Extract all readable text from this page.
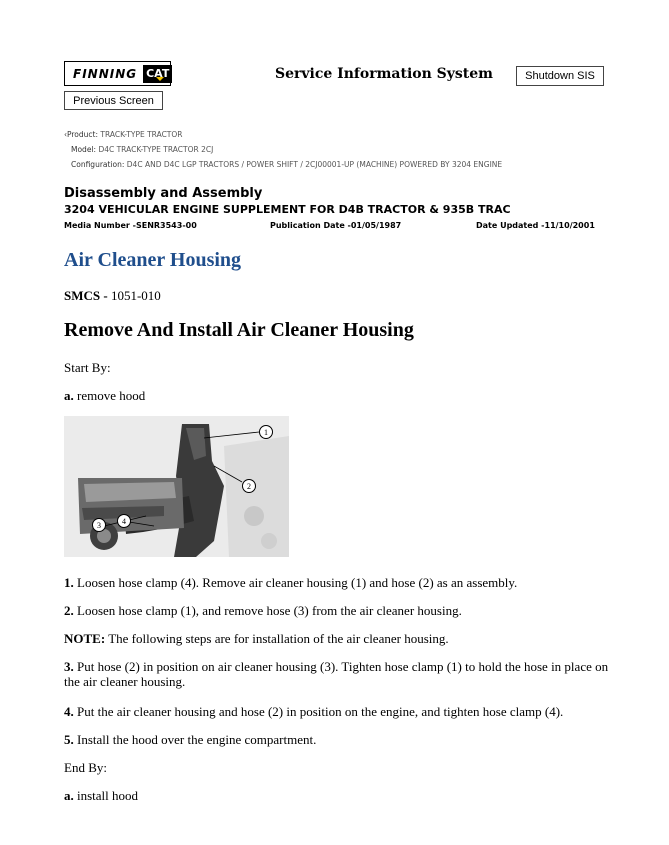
FINNING CAT	Service Information System	Shutdown SIS
Previous Screen
‹Product: TRACK-TYPE TRACTOR
Model: D4C TRACK-TYPE TRACTOR 2CJ
Configuration: D4C AND D4C LGP TRACTORS / POWER SHIFT / 2CJ00001-UP (MACHINE) POWERED BY 3204 ENGINE
Disassembly and Assembly
3204 VEHICULAR ENGINE SUPPLEMENT FOR D4B TRACTOR & 935B TRAC
Media Number -SENR3543-00	Publication Date -01/05/1987	Date Updated -11/10/2001
Air Cleaner Housing
SMCS - 1051-010
Remove And Install Air Cleaner Housing
Start By:
a. remove hood
1
2
3	4
1. Loosen hose clamp (4). Remove air cleaner housing (1) and hose (2) as an assembly.
2. Loosen hose clamp (1), and remove hose (3) from the air cleaner housing.
NOTE: The following steps are for installation of the air cleaner housing.
3. Put hose (2) in position on air cleaner housing (3). Tighten hose clamp (1) to hold the hose in place on the air cleaner housing.
4. Put the air cleaner housing and hose (2) in position on the engine, and tighten hose clamp (4).
5. Install the hood over the engine compartment.
End By:
a. install hood
